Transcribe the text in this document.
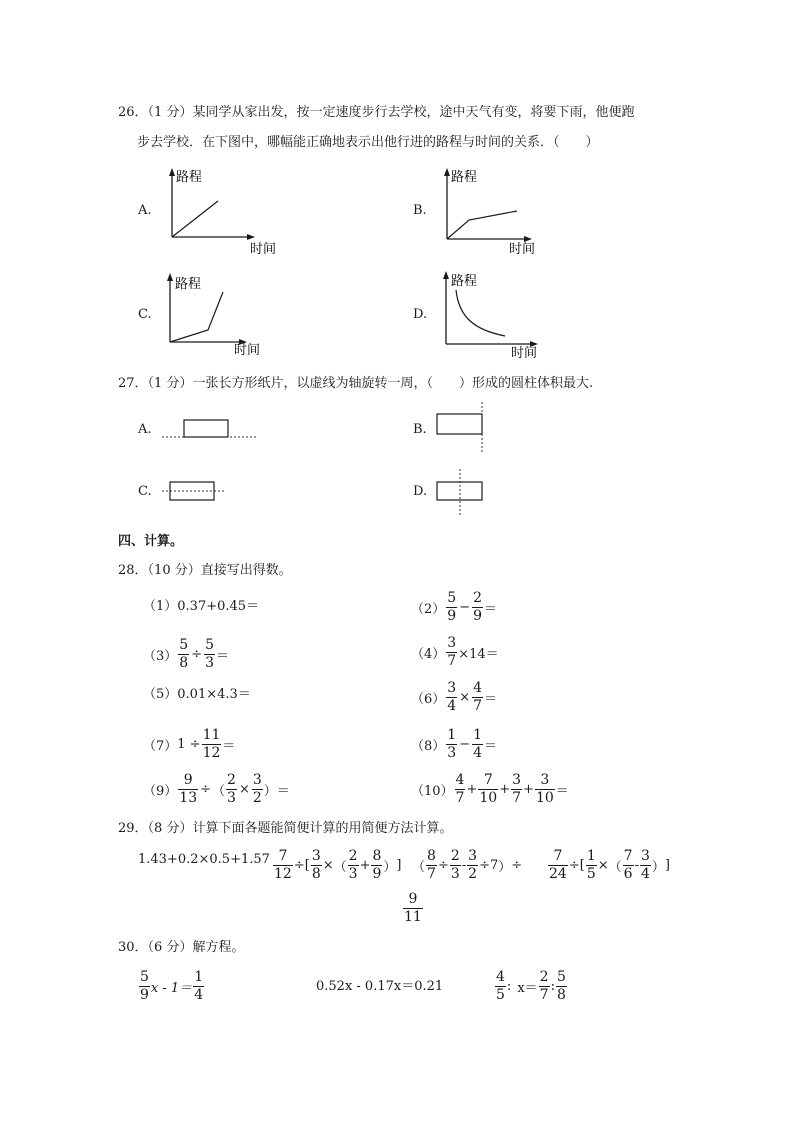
26．（1 分）某同学从家出发，按一定速度步行去学校，途中天气有变，将要下雨，他便跑
步去学校．在下图中，哪幅能正确地表示出他行进的路程与时间的关系．（　　）
A.
路程
时间
B.
路程
时间
C.
路程
时间
D.
路程
时间
27．（1 分）一张长方形纸片，以虚线为轴旋转一周，（　　）形成的圆柱体积最大.
A.	B.
C.	D.
四、计算。
28．（10 分）直接写出得数。
（1）0.37+0.45＝	$(2) \frac{5}{9} - \frac{2}{9}$ ＝
$(3) \frac{5}{8} \div \frac{5}{3}$ ＝	$(4) \frac{3}{7} \times 14=$
（5）0.01×4.3＝	$(6) \frac{3}{4} \times \frac{4}{7}$ ＝
（7） $1 \div \frac{11}{12}$ ＝	$(8) \frac{1}{3} - \frac{1}{4}$ ＝
$(9) \frac{9}{13}$ ÷ （ $\frac{2}{3} \times \frac{3}{2}$ ） ＝	$(10) \frac{4}{7} + \frac{7}{10} + \frac{3}{7} + \frac{3}{10}$ ＝
29．（8 分）计算下面各题能简便计算的用简便方法计算。
$1.43+0.2\times 0.5+1.57 \frac{7}{12}$ ÷ [ $\frac{3}{8}$ × （ $\frac{2}{3} + \frac{8}{9}$ ） ]
$\frac{9}{11}$
（ $\frac{8}{7} \div \frac{2}{3} - \frac{3}{2} \div 7$ ） ÷ $\frac{7}{24}$ ÷ [ $\frac{1}{5}$ × （ $\frac{7}{6} - \frac{3}{4}$ ） ]
30．（6 分）解方程。
$\frac{5}{9}$ $x - 1= \frac{1}{4}$	0.52x - 0.17x＝0.21	$\frac{4}{5}$ : $x= \frac{2}{7}$ : $\frac{5}{8}$
